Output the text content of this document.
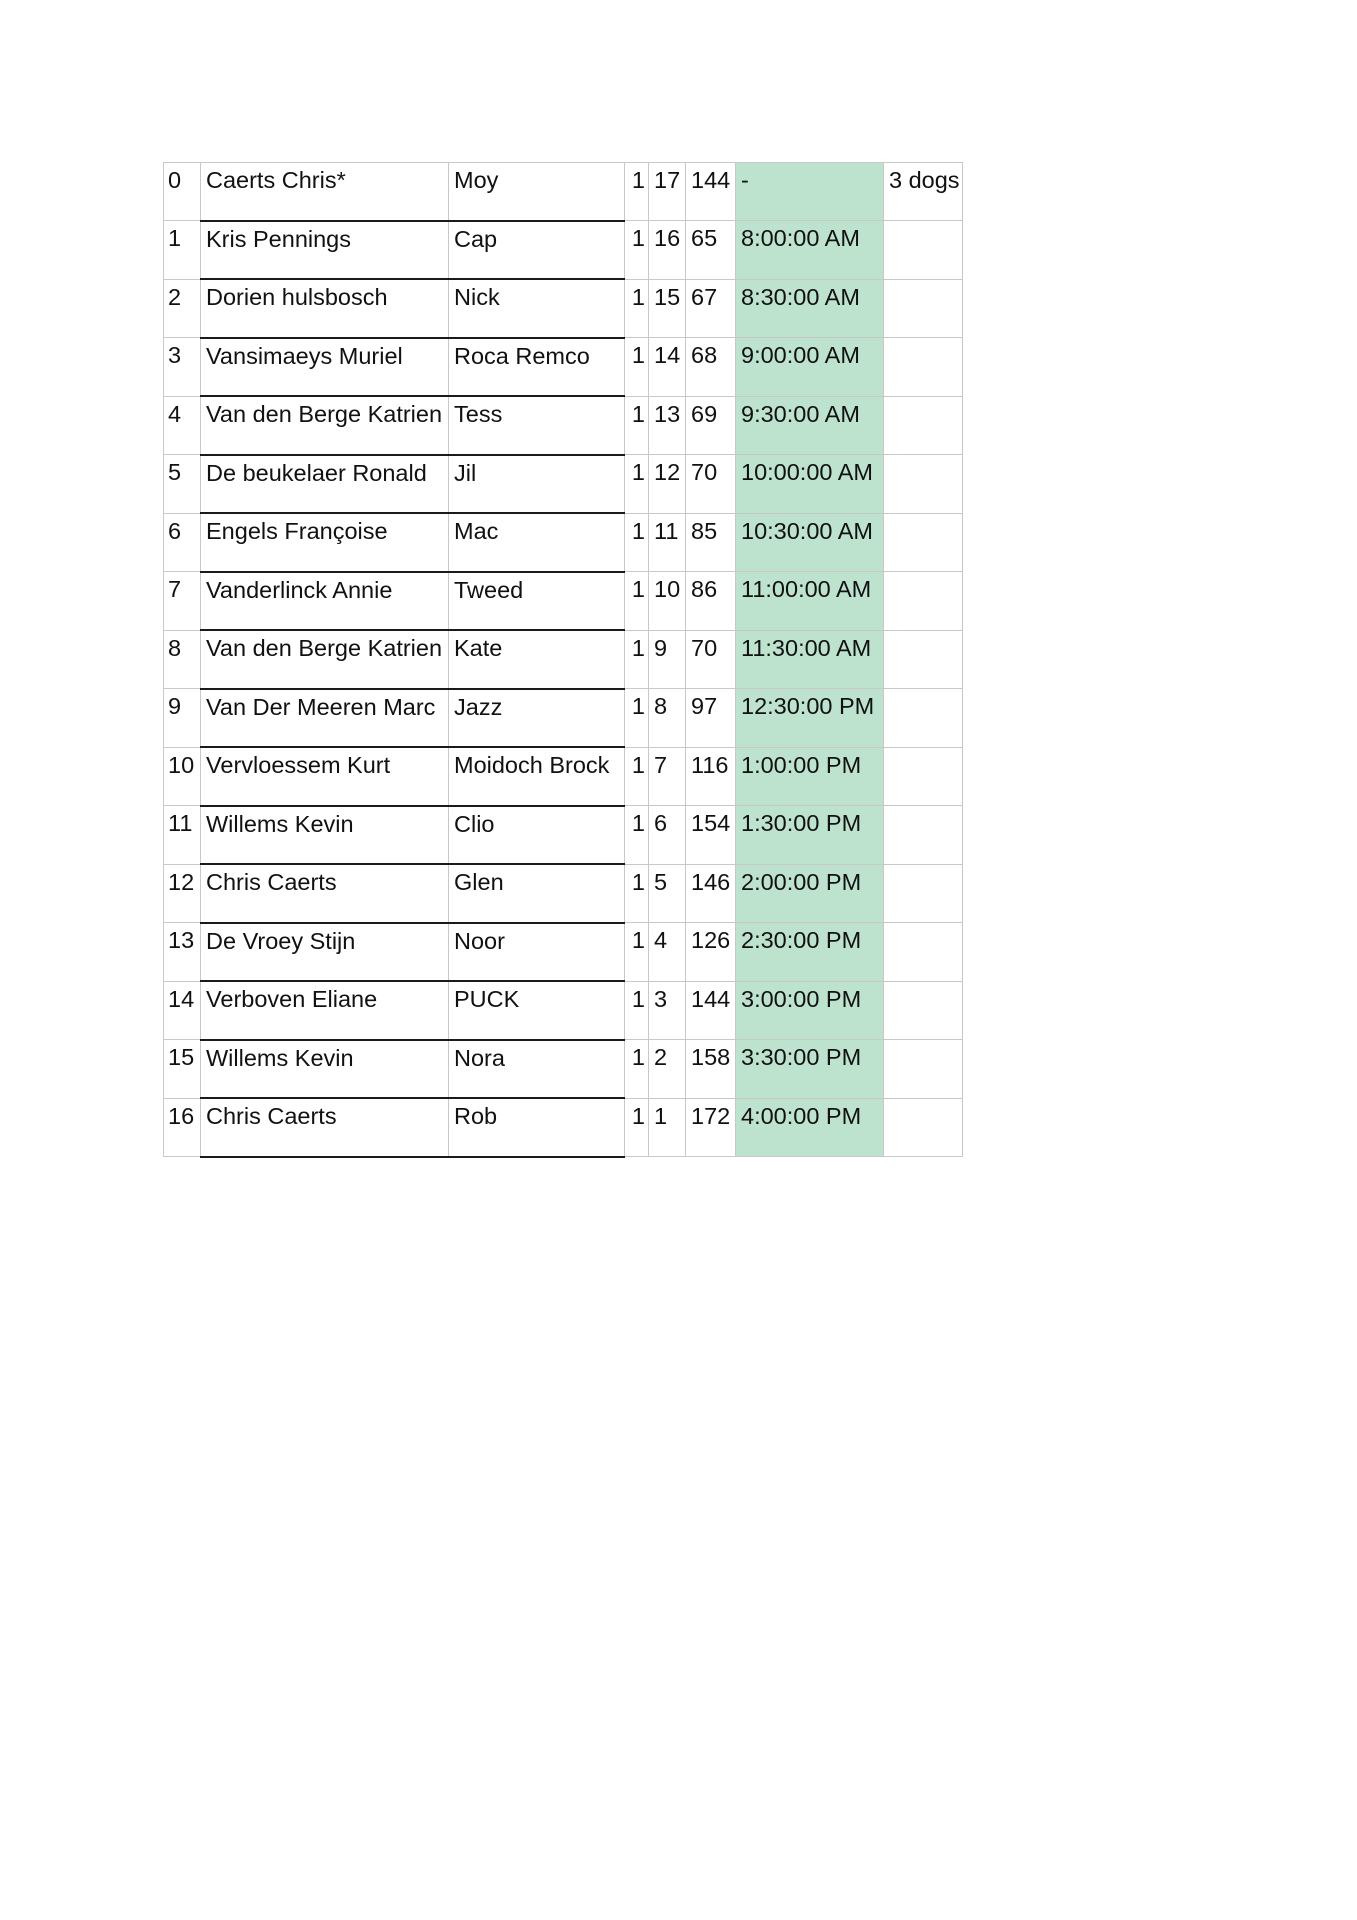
0	Caerts Chris*	Moy	1	17	144	-	3 dogs
1	Kris Pennings	Cap	1	16	65	8:00:00 AM	
2	Dorien hulsbosch	Nick	1	15	67	8:30:00 AM	
3	Vansimaeys Muriel	Roca Remco	1	14	68	9:00:00 AM	
4	Van den Berge Katrien	Tess	1	13	69	9:30:00 AM	
5	De beukelaer Ronald	Jil	1	12	70	10:00:00 AM	
6	Engels Françoise	Mac	1	11	85	10:30:00 AM	
7	Vanderlinck Annie	Tweed	1	10	86	11:00:00 AM	
8	Van den Berge Katrien	Kate	1	9	70	11:30:00 AM	
9	Van Der Meeren Marc	Jazz	1	8	97	12:30:00 PM	
10	Vervloessem Kurt	Moidoch Brock	1	7	116	1:00:00 PM	
11	Willems Kevin	Clio	1	6	154	1:30:00 PM	
12	Chris Caerts	Glen	1	5	146	2:00:00 PM	
13	De Vroey Stijn	Noor	1	4	126	2:30:00 PM	
14	Verboven Eliane	PUCK	1	3	144	3:00:00 PM	
15	Willems Kevin	Nora	1	2	158	3:30:00 PM	
16	Chris Caerts	Rob	1	1	172	4:00:00 PM	
